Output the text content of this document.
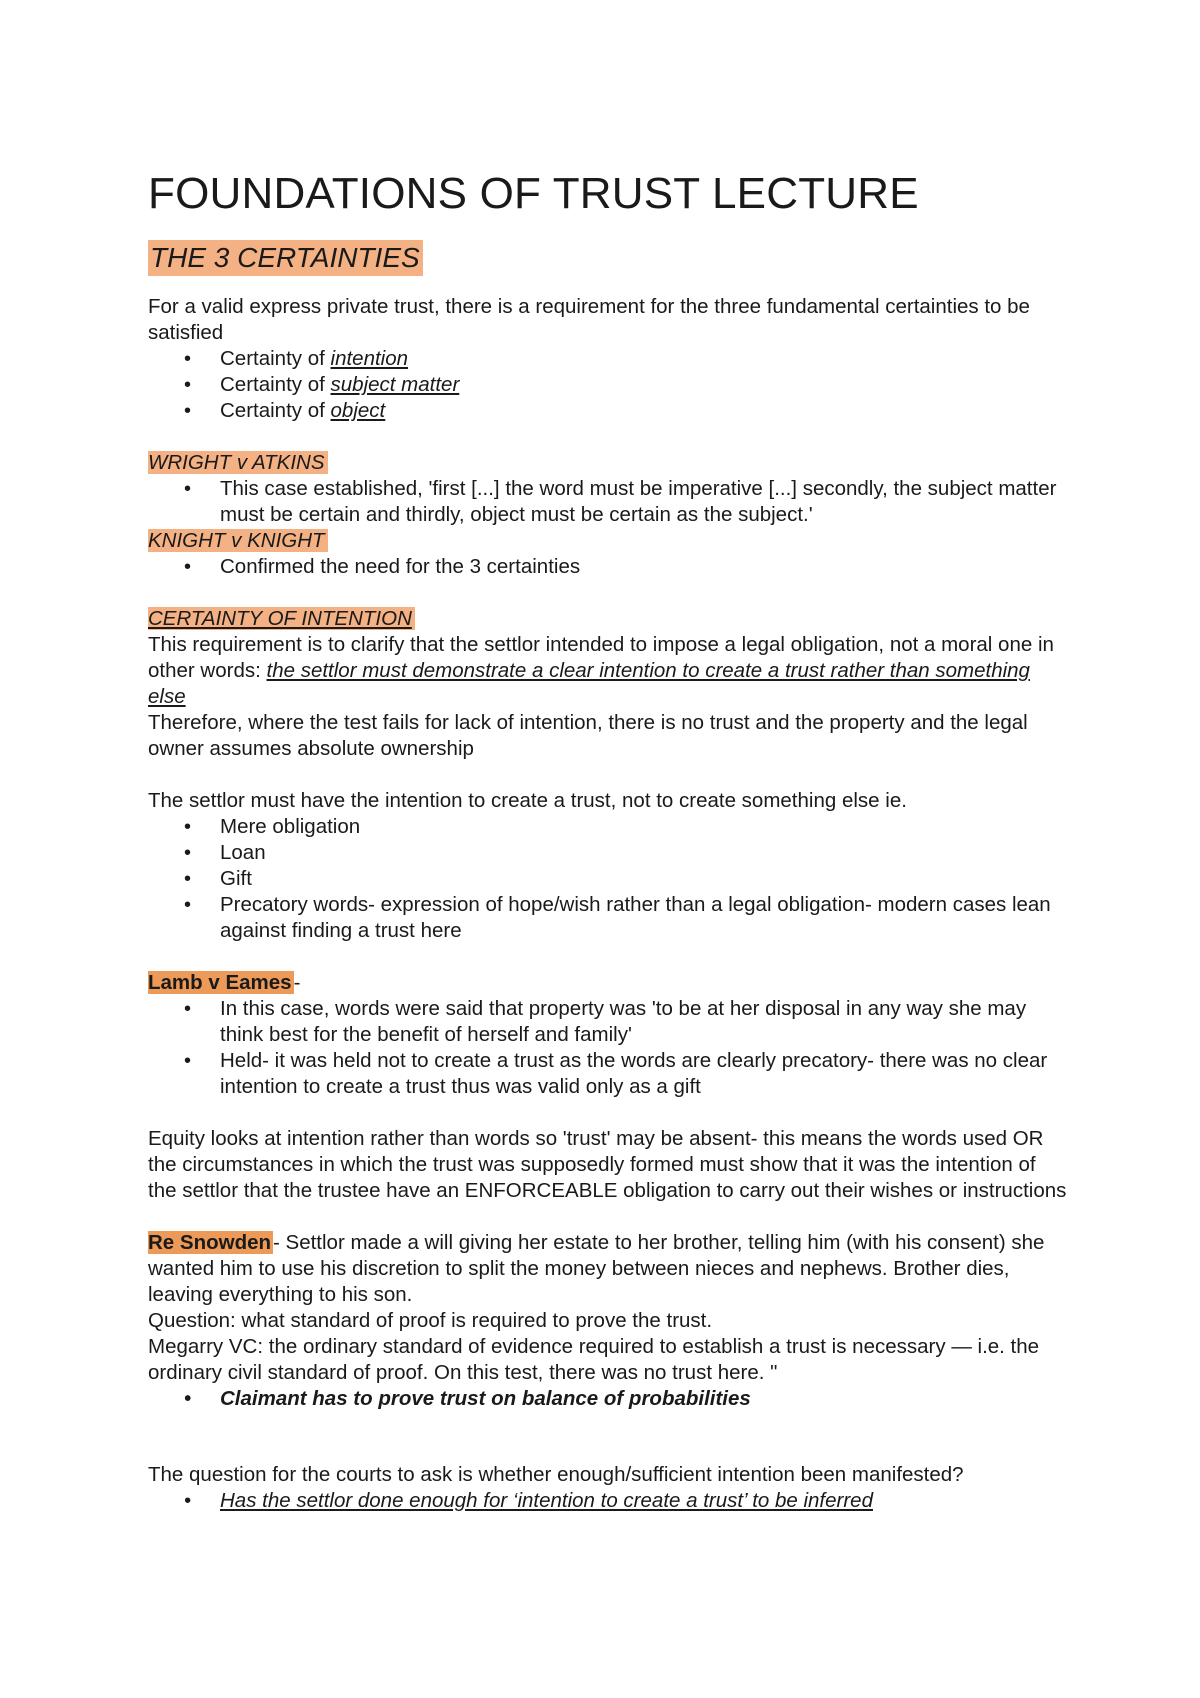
FOUNDATIONS OF TRUST LECTURE
THE 3 CERTAINTIES

For a valid express private trust, there is a requirement for the three fundamental certainties to be satisfied

• Certainty of intention
• Certainty of subject matter
• Certainty of object

WRIGHT v ATKINS

• This case established, 'first [...] the word must be imperative [...] secondly, the subject matter must be certain and thirdly, object must be certain as the subject.'

KNIGHT v KNIGHT

• Confirmed the need for the 3 certainties

CERTAINTY OF INTENTION

This requirement is to clarify that the settlor intended to impose a legal obligation, not a moral one in other words: the settlor must demonstrate a clear intention to create a trust rather than something else

Therefore, where the test fails for lack of intention, there is no trust and the property and the legal owner assumes absolute ownership

The settlor must have the intention to create a trust, not to create something else ie.

• Mere obligation
• Loan
• Gift
• Precatory words- expression of hope/wish rather than a legal obligation- modern cases lean against finding a trust here

Lamb v Eames-

• In this case, words were said that property was 'to be at her disposal in any way she may think best for the benefit of herself and family'
• Held- it was held not to create a trust as the words are clearly precatory- there was no clear intention to create a trust thus was valid only as a gift

Equity looks at intention rather than words so 'trust' may be absent- this means the words used OR the circumstances in which the trust was supposedly formed must show that it was the intention of the settlor that the trustee have an ENFORCEABLE obligation to carry out their wishes or instructions

Re Snowden- Settlor made a will giving her estate to her brother, telling him (with his consent) she wanted him to use his discretion to split the money between nieces and nephews. Brother dies, leaving everything to his son.

Question: what standard of proof is required to prove the trust.

Megarry VC: the ordinary standard of evidence required to establish a trust is necessary — i.e. the ordinary civil standard of proof. On this test, there was no trust here. "

• Claimant has to prove trust on balance of probabilities

The question for the courts to ask is whether enough/sufficient intention been manifested?

• Has the settlor done enough for ‘intention to create a trust’ to be inferred
